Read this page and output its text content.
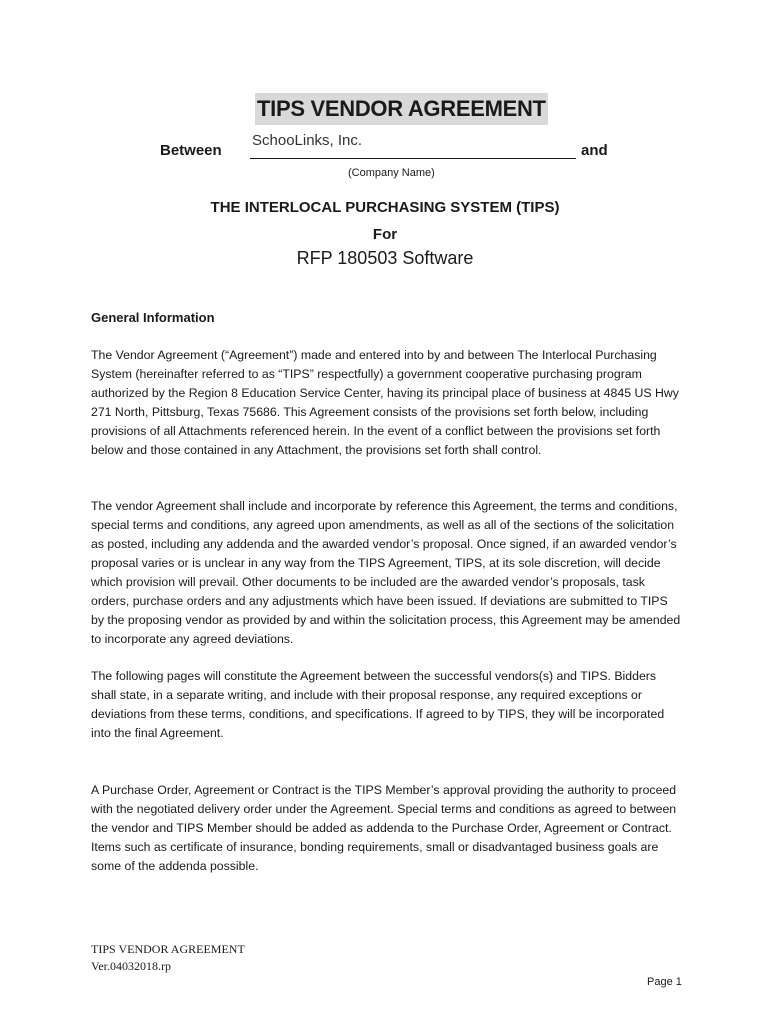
TIPS VENDOR AGREEMENT
Between
SchooLinks, Inc.
and
(Company Name)
THE INTERLOCAL PURCHASING SYSTEM (TIPS)
For
RFP 180503 Software
General Information

The Vendor Agreement (“Agreement”) made and entered into by and between The Interlocal Purchasing System (hereinafter referred to as “TIPS” respectfully) a government cooperative purchasing program authorized by the Region 8 Education Service Center, having its principal place of business at 4845 US Hwy 271 North, Pittsburg, Texas 75686. This Agreement consists of the provisions set forth below, including provisions of all Attachments referenced herein. In the event of a conflict between the provisions set forth below and those contained in any Attachment, the provisions set forth shall control.

The vendor Agreement shall include and incorporate by reference this Agreement, the terms and conditions, special terms and conditions, any agreed upon amendments, as well as all of the sections of the solicitation as posted, including any addenda and the awarded vendor’s proposal. Once signed, if an awarded vendor’s proposal varies or is unclear in any way from the TIPS Agreement, TIPS, at its sole discretion, will decide which provision will prevail. Other documents to be included are the awarded vendor’s proposals, task orders, purchase orders and any adjustments which have been issued. If deviations are submitted to TIPS by the proposing vendor as provided by and within the solicitation process, this Agreement may be amended to incorporate any agreed deviations.

The following pages will constitute the Agreement between the successful vendors(s) and TIPS. Bidders shall state, in a separate writing, and include with their proposal response, any required exceptions or deviations from these terms, conditions, and specifications. If agreed to by TIPS, they will be incorporated into the final Agreement.

A Purchase Order, Agreement or Contract is the TIPS Member’s approval providing the authority to proceed with the negotiated delivery order under the Agreement. Special terms and conditions as agreed to between the vendor and TIPS Member should be added as addenda to the Purchase Order, Agreement or Contract. Items such as certificate of insurance, bonding requirements, small or disadvantaged business goals are some of the addenda possible.

TIPS VENDOR AGREEMENT
Ver.04032018.rp
Page 1
